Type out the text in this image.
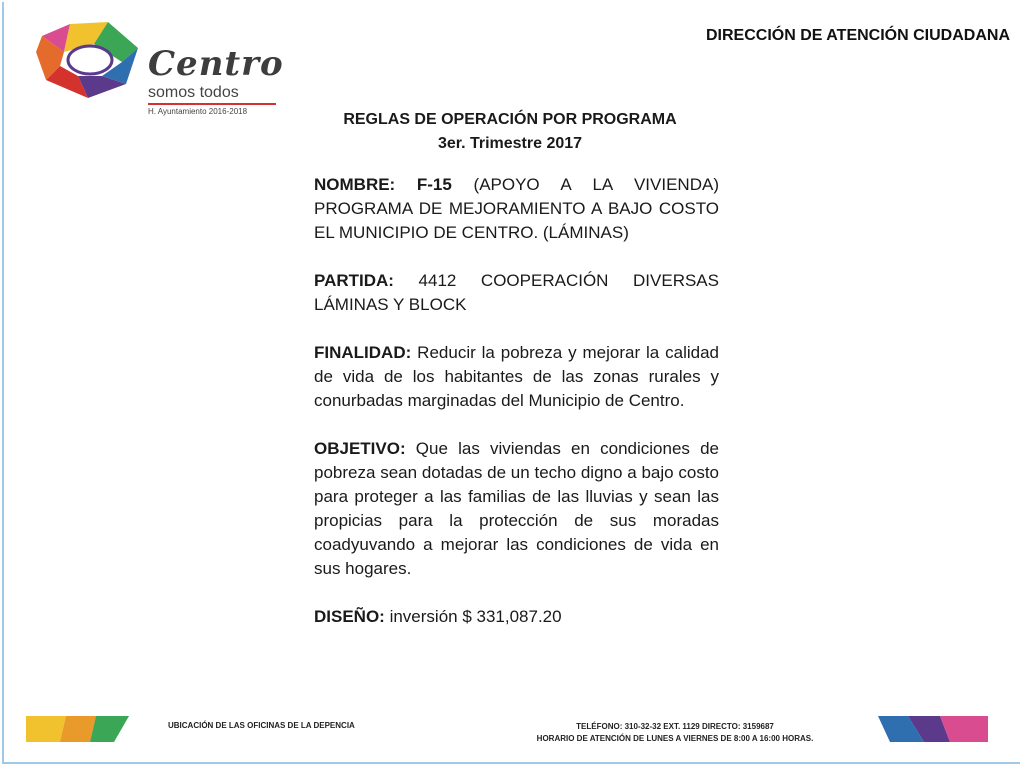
Centro
somos todos
H. Ayuntamiento 2016-2018
DIRECCIÓN DE ATENCIÓN CIUDADANA
REGLAS DE OPERACIÓN POR PROGRAMA
3er. Trimestre 2017

NOMBRE: F-15 (APOYO A LA VIVIENDA) PROGRAMA DE MEJORAMIENTO A BAJO COSTO EL MUNICIPIO DE CENTRO. (LÁMINAS)

PARTIDA: 4412 COOPERACIÓN DIVERSAS LÁMINAS Y BLOCK

FINALIDAD: Reducir la pobreza y mejorar la calidad de vida de los habitantes de las zonas rurales y conurbadas marginadas del Municipio de Centro.

OBJETIVO: Que las viviendas en condiciones de pobreza sean dotadas de un techo digno a bajo costo para proteger a las familias de las lluvias y sean las propicias para la protección de sus moradas coadyuvando a mejorar las condiciones de vida en sus hogares.

DISEÑO: inversión $ 331,087.20

UBICACIÓN DE LAS OFICINAS DE LA DEPENCIA	TELÉFONO: 310-32-32 EXT. 1129 DIRECTO: 3159687
HORARIO DE ATENCIÓN DE LUNES A VIERNES DE 8:00 A 16:00 HORAS.
